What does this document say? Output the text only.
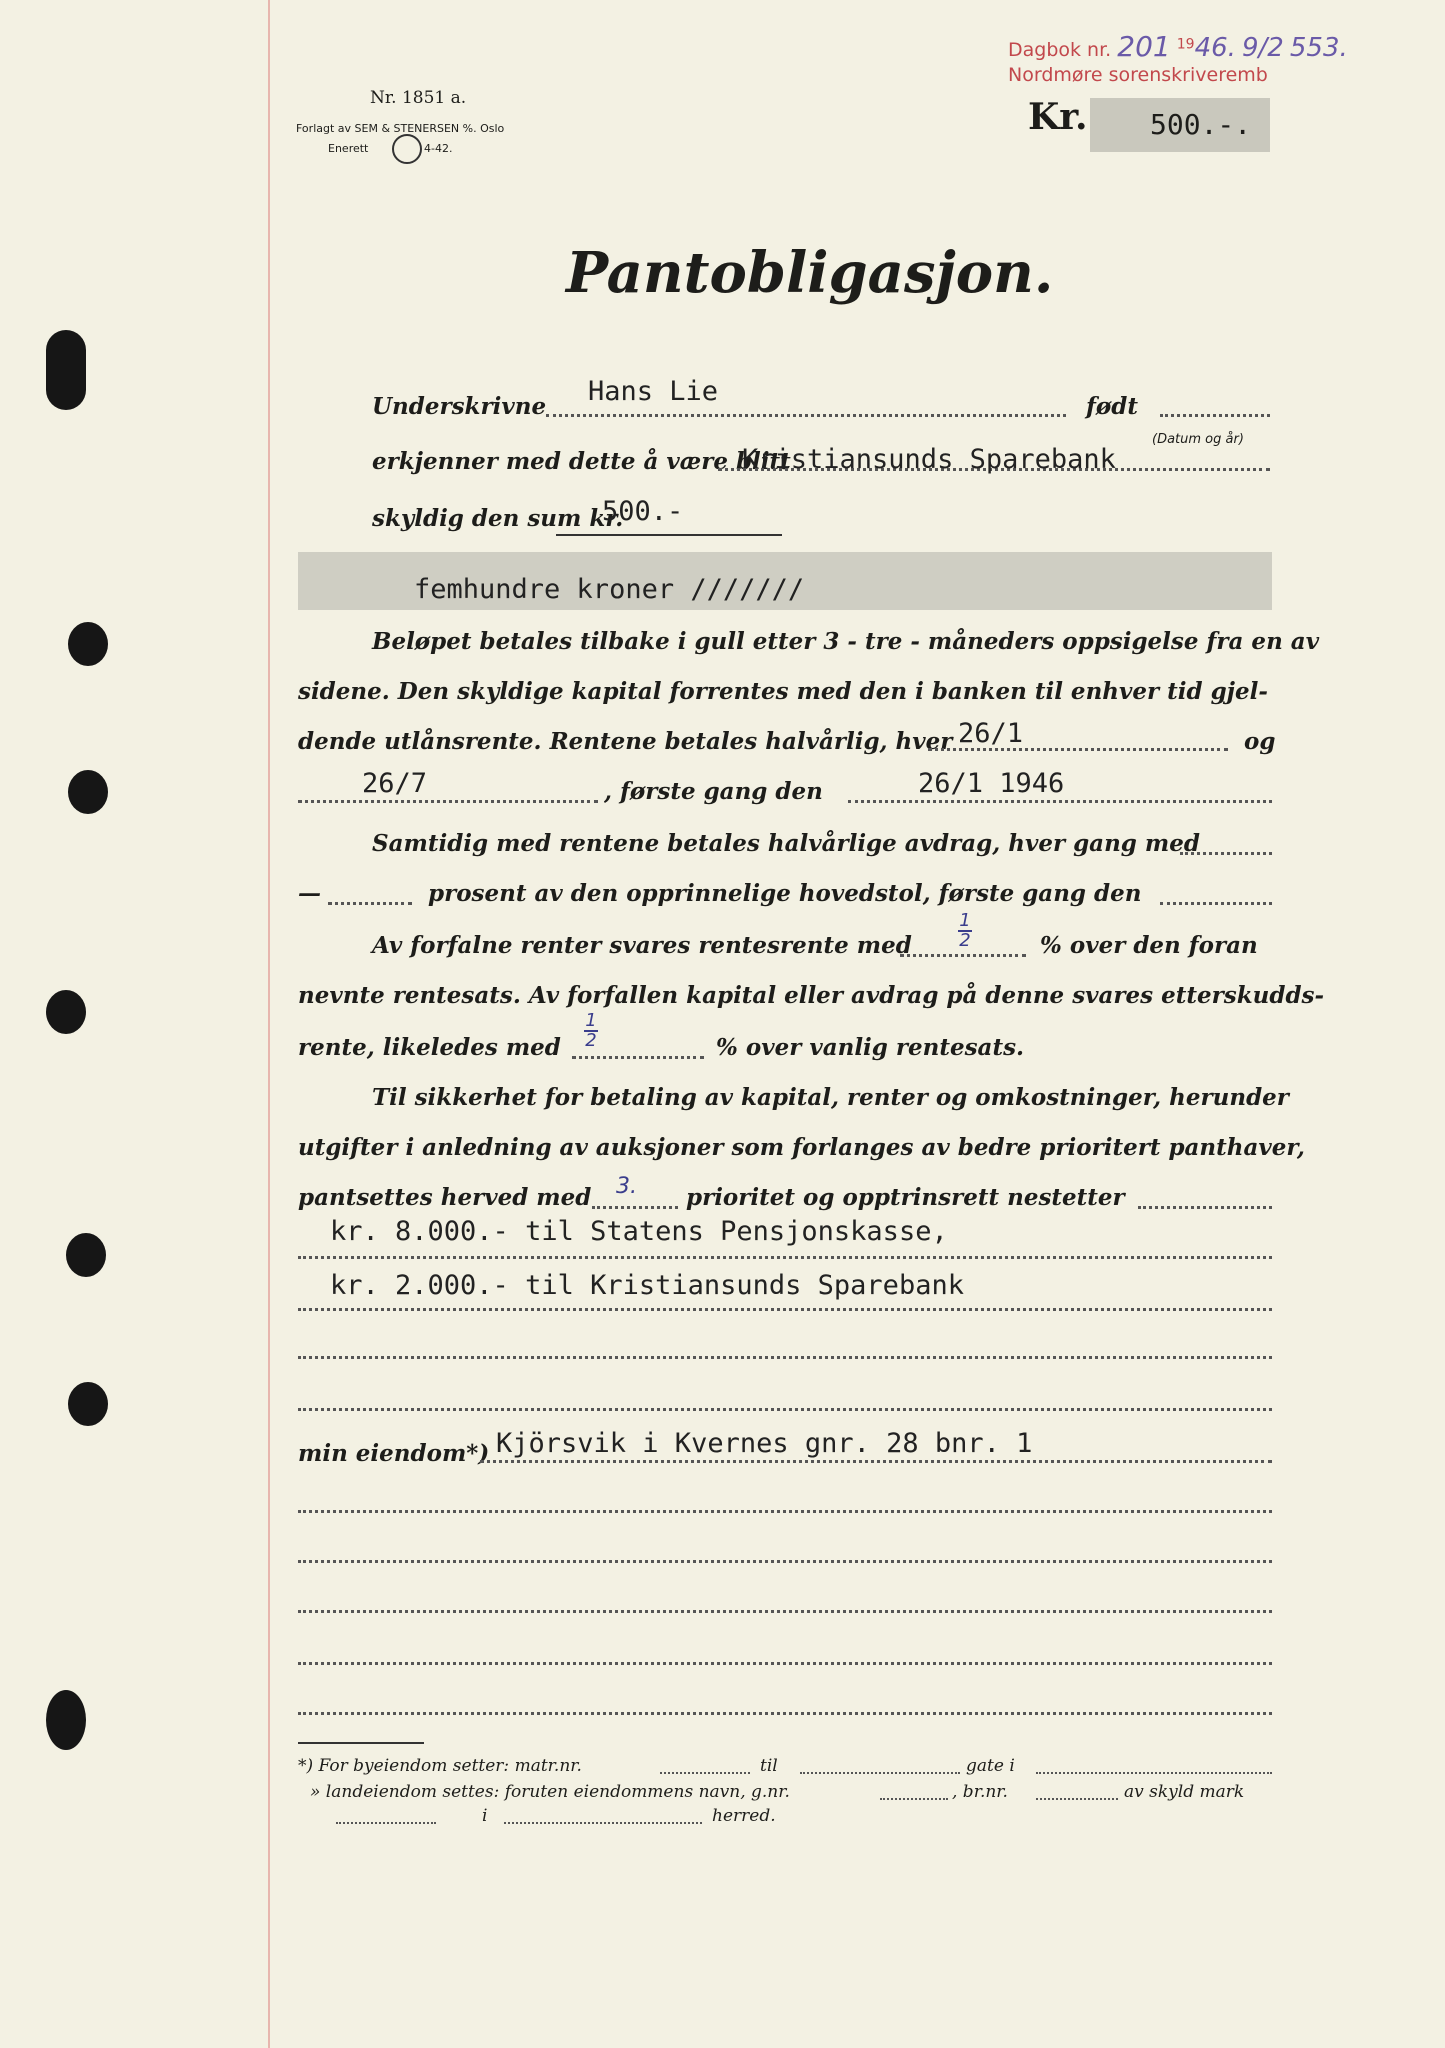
Dagbok nr. 201 $^{19}$46. 9/2 553.
Nordmøre sorenskriveremb
Nr. 1851 a.
Forlagt av SEM & STENERSEN %. Oslo
Enerett	4-42.
Kr. 500.-.
Pantobligasjon.
Underskrivne Hans Lie	født
(Datum og år)
erkjenner med dette å være blitt
Kristiansunds Sparebank
skyldig den sum kr.
500.-
femhundre kroner ///////
Beløpet betales tilbake i gull etter 3 - tre - måneders oppsigelse fra en av
sidene. Den skyldige kapital forrentes med den i banken til enhver tid gjel-
dende utlånsrente. Rentene betales halvårlig, hver 26/1	og
26/7	, første gang den	26/1 1946
Samtidig med rentene betales halvårlige avdrag, hver gang med
—	prosent av den opprinnelige hovedstol, første gang den
Av forfalne renter svares rentesrente med
1
2	% over den foran
nevnte rentesats. Av forfallen kapital eller avdrag på denne svares etterskudds-
rente, likeledes med
1
2	% over vanlig rentesats.
Til sikkerhet for betaling av kapital, renter og omkostninger, herunder
utgifter i anledning av auksjoner som forlanges av bedre prioritert panthaver,
pantsettes herved med 3. prioritet og opptrinsrett nestetter
kr. 8.000.- til Statens Pensjonskasse,
kr. 2.000.- til Kristiansunds Sparebank
min eiendom*) Kjörsvik i Kvernes gnr. 28 bnr. 1
*) For byeiendom setter: matr.nr.	til	gate i
» landeiendom settes: foruten eiendommens navn, g.nr.	, br.nr.	av skyld mark
i	herred.
